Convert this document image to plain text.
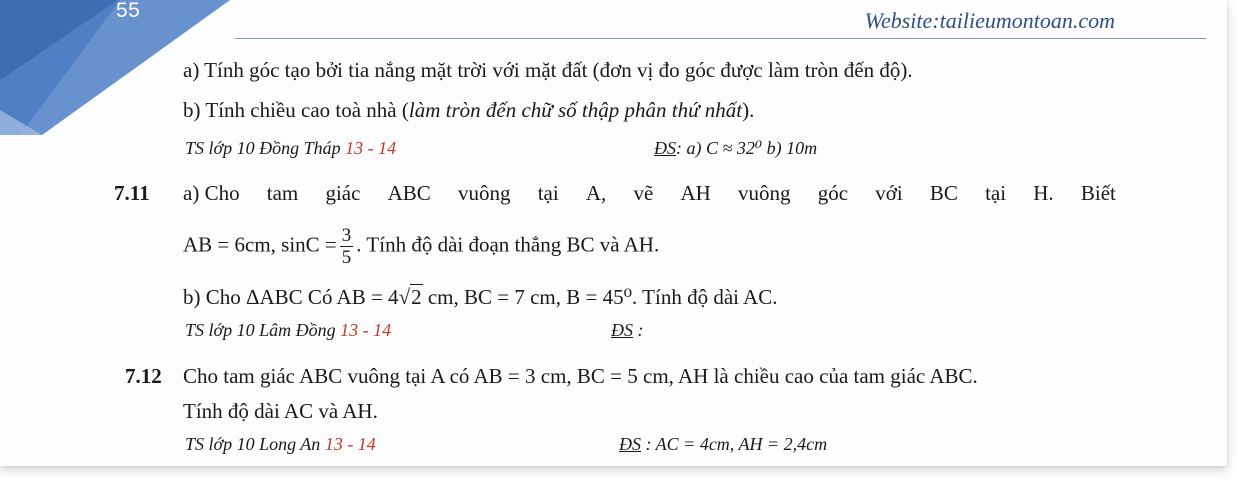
55	Website:tailieumontoan.com
a) Tính góc tạo bởi tia nắng mặt trời với mặt đất (đơn vị đo góc được làm tròn đến độ).
b) Tính chiều cao toà nhà (làm tròn đến chữ số thập phân thứ nhất).
TS lớp 10 Đồng Tháp 13 - 14	ĐS: a) C ≈ 32⁰ b) 10m
7.11 a) Cho tam giác ABC vuông tại A, vẽ AH vuông góc với BC tại H. Biết
AB = 6cm, $\sin C = \frac{3}{5}$ . Tính độ dài đoạn thẳng BC và AH.
b) Cho ΔABC Có AB = 4√2 cm, BC = 7 cm, B = 45⁰. Tính độ dài AC.
TS lớp 10 Lâm Đồng 13 - 14	ĐS :
7.12 Cho tam giác ABC vuông tại A có AB = 3 cm, BC = 5 cm, AH là chiều cao của tam giác ABC.
Tính độ dài AC và AH.
TS lớp 10 Long An 13 - 14	ĐS : AC = 4cm, AH = 2,4cm
